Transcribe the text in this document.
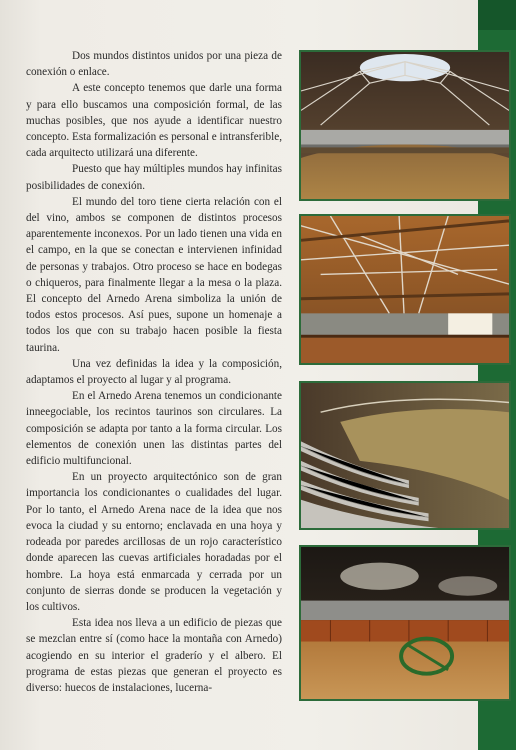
Dos mundos distintos unidos por una pieza de conexión o enlace.

A este concepto tenemos que darle una forma y para ello buscamos una composición formal, de las muchas posibles, que nos ayude a identificar nuestro concepto. Esta formalización es personal e intransferible, cada arquitecto utilizará una diferente.

Puesto que hay múltiples mundos hay infinitas posibilidades de conexión.

El mundo del toro tiene cierta relación con el del vino, ambos se componen de distintos procesos aparentemente inconexos. Por un lado tienen una vida en el campo, en la que se conectan e intervienen infinidad de personas y trabajos. Otro proceso se hace en bodegas o chiqueros, para finalmente llegar a la mesa o la plaza. El concepto del Arnedo Arena simboliza la unión de todos estos procesos. Así pues, supone un homenaje a todos los que con su trabajo hacen posible la fiesta taurina.

Una vez definidas la idea y la composición, adaptamos el proyecto al lugar y al programa.

En el Arnedo Arena tenemos un condicionante inneegociable, los recintos taurinos son circulares. La composición se adapta por tanto a la forma circular. Los elementos de conexión unen las distintas partes del edificio multifuncional.

En un proyecto arquitectónico son de gran importancia los condicionantes o cualidades del lugar. Por lo tanto, el Arnedo Arena nace de la idea que nos evoca la ciudad y su entorno; enclavada en una hoya y rodeada por paredes arcillosas de un rojo característico donde aparecen las cuevas artificiales horadadas por el hombre. La hoya está enmarcada y cerrada por un conjunto de sierras donde se producen la vegetación y los cultivos.

Esta idea nos lleva a un edificio de piezas que se mezclan entre sí (como hace la montaña con Arnedo) acogiendo en su interior el graderío y el albero. El programa de estas piezas que generan el proyecto es diverso: huecos de instalaciones, lucerna-
